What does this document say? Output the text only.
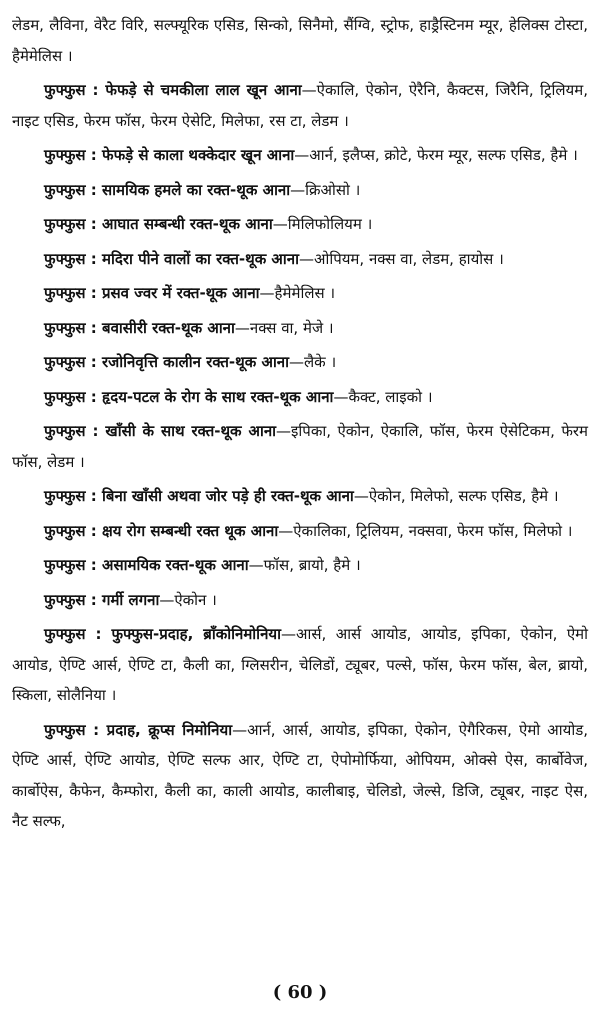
लेडम, लैविना, वेरैट विरि, सल्फ्यूरिक एसिड, सिन्को, सिनैमो, सैंग्वि, स्ट्रोफ, हाड्रैस्टिनम म्यूर, हेलिक्स टोस्टा, हैमेमेलिस ।

फुफ्फुस : फेफड़े से चमकीला लाल खून आना—ऐकालि, ऐकोन, ऐरैनि, कैक्टस, जिरैनि, ट्रिलियम, नाइट एसिड, फेरम फॉस, फेरम ऐसेटि, मिलेफा, रस टा, लेडम ।

फुफ्फुस : फेफड़े से काला थक्केदार खून आना—आर्न, इलैप्स, क्रोटे, फेरम म्यूर, सल्फ एसिड, हैमे ।

फुफ्फुस : सामयिक हमले का रक्त-थूक आना—क्रिओसो ।

फुफ्फुस : आघात सम्बन्धी रक्त-थूक आना—मिलिफोलियम ।

फुफ्फुस : मदिरा पीने वालों का रक्त-थूक आना—ओपियम, नक्स वा, लेडम, हायोस ।

फुफ्फुस : प्रसव ज्वर में रक्त-थूक आना—हैमेमेलिस ।

फुफ्फुस : बवासीरी रक्त-थूक आना—नक्स वा, मेजे ।

फुफ्फुस : रजोनिवृत्ति कालीन रक्त-थूक आना—लैके ।

फुफ्फुस : हृदय-पटल के रोग के साथ रक्त-थूक आना—कैक्ट, लाइको ।

फुफ्फुस : खाँसी के साथ रक्त-थूक आना—इपिका, ऐकोन, ऐकालि, फॉस, फेरम ऐसेटिकम, फेरम फॉस, लेडम ।

फुफ्फुस : बिना खाँसी अथवा जोर पड़े ही रक्त-थूक आना—ऐकोन, मिलेफो, सल्फ एसिड, हैमे ।

फुफ्फुस : क्षय रोग सम्बन्धी रक्त थूक आना—ऐकालिका, ट्रिलियम, नक्सवा, फेरम फॉस, मिलेफो ।

फुफ्फुस : असामयिक रक्त-थूक आना—फॉस, ब्रायो, हैमे ।

फुफ्फुस : गर्मी लगना—ऐकोन ।

फुफ्फुस : फुफ्फुस-प्रदाह, ब्राँकोनिमोनिया—आर्स, आर्स आयोड, आयोड, इपिका, ऐकोन, ऐमो आयोड, ऐण्टि आर्स, ऐण्टि टा, कैली का, ग्लिसरीन, चेलिडों, ट्यूबर, पल्से, फॉस, फेरम फॉस, बेल, ब्रायो, स्किला, सोलैनिया ।

फुफ्फुस : प्रदाह, क्रूप्स निमोनिया—आर्न, आर्स, आयोड, इपिका, ऐकोन, ऐगैरिकस, ऐमो आयोड, ऐण्टि आर्स, ऐण्टि आयोड, ऐण्टि सल्फ आर, ऐण्टि टा, ऐपोमोर्फिया, ओपियम, ओक्से ऐस, कार्बोवेज, कार्बोऐस, कैफेन, कैम्फोरा, कैली का, काली आयोड, कालीबाइ, चेलिडो, जेल्से, डिजि, ट्यूबर, नाइट ऐस, नैट सल्फ,

( 60 )
